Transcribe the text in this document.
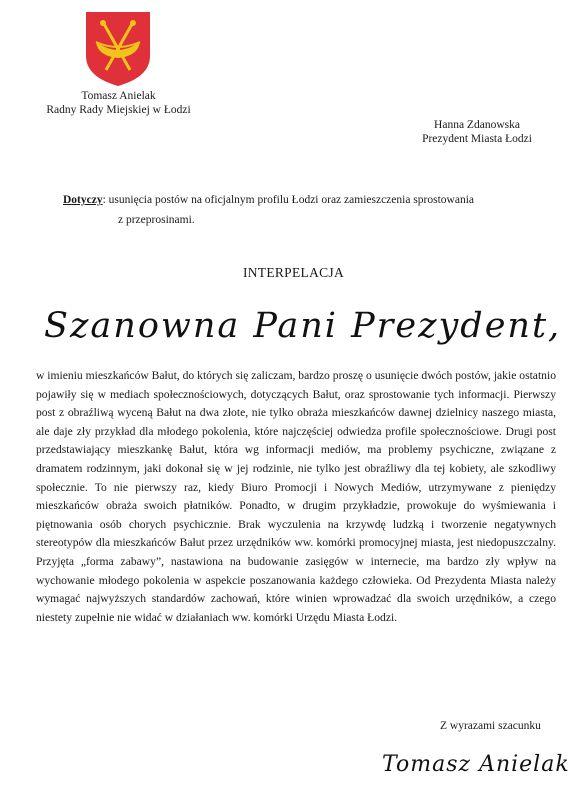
Tomasz Anielak
Radny Rady Miejskiej w Łodzi
Hanna Zdanowska
Prezydent Miasta Łodzi
Dotyczy: usunięcia postów na oficjalnym profilu Łodzi oraz zamieszczenia sprostowania
z przeprosinami.
INTERPELACJA
Szanowna Pani Prezydent,
w imieniu mieszkańców Bałut, do których się zaliczam, bardzo proszę o usunięcie dwóch postów, jakie ostatnio pojawiły się w mediach społecznościowych, dotyczących Bałut, oraz sprostowanie tych informacji. Pierwszy post z obraźliwą wyceną Bałut na dwa złote, nie tylko obraża mieszkańców dawnej dzielnicy naszego miasta, ale daje zły przykład dla młodego pokolenia, które najczęściej odwiedza profile społecznościowe. Drugi post przedstawiający mieszkankę Bałut, która wg informacji mediów, ma problemy psychiczne, związane z dramatem rodzinnym, jaki dokonał się w jej rodzinie, nie tylko jest obraźliwy dla tej kobiety, ale szkodliwy społecznie. To nie pierwszy raz, kiedy Biuro Promocji i Nowych Mediów, utrzymywane z pieniędzy mieszkańców obraża swoich płatników. Ponadto, w drugim przykładzie, prowokuje do wyśmiewania i piętnowania osób chorych psychicznie. Brak wyczulenia na krzywdę ludzką i tworzenie negatywnych stereotypów dla mieszkańców Bałut przez urzędników ww. komórki promocyjnej miasta, jest niedopuszczalny. Przyjęta „forma zabawy”, nastawiona na budowanie zasięgów w internecie, ma bardzo zły wpływ na wychowanie młodego pokolenia w aspekcie poszanowania każdego człowieka. Od Prezydenta Miasta należy wymagać najwyższych standardów zachowań, które winien wprowadzać dla swoich urzędników, a czego niestety zupełnie nie widać w działaniach ww. komórki Urzędu Miasta Łodzi.
Z wyrazami szacunku
Tomasz Anielak
